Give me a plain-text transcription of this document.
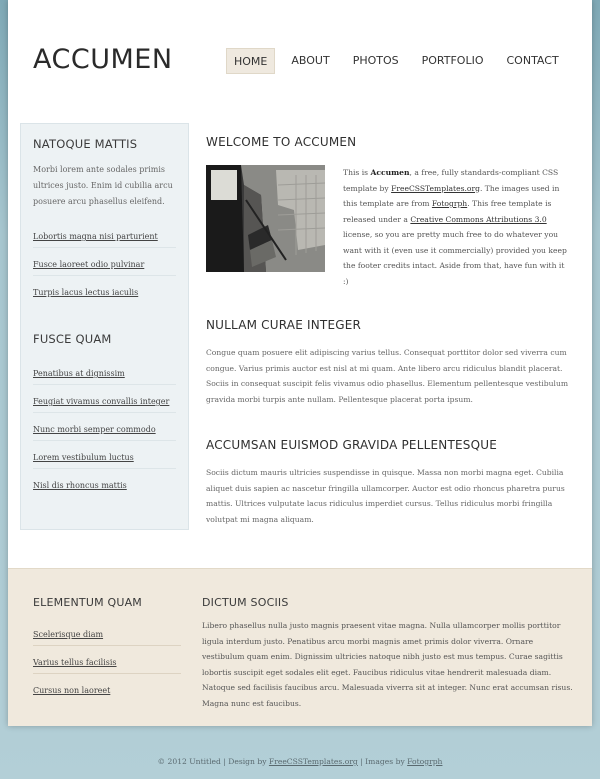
ACCUMEN	HOME	ABOUT	PHOTOS	PORTFOLIO	CONTACT
NATOQUE MATTIS

Morbi lorem ante sodales primis ultrices justo. Enim id cubilia arcu posuere arcu phasellus eleifend.

Lobortis magna nisi parturient
Fusce laoreet odio pulvinar
Turpis lacus lectus iaculis
FUSCE QUAM
Penatibus at dignissim
Feugiat vivamus convallis integer
Nunc morbi semper commodo
Lorem vestibulum luctus
Nisl dis rhoncus mattis
WELCOME TO ACCUMEN

This is Accumen, a free, fully standards-compliant CSS template by FreeCSSTemplates.org. The images used in this template are from Fotogrph. This free template is released under a Creative Commons Attributions 3.0 license, so you are pretty much free to do whatever you want with it (even use it commercially) provided you keep the footer credits intact. Aside from that, have fun with it :)

NULLAM CURAE INTEGER

Congue quam posuere elit adipiscing varius tellus. Consequat porttitor dolor sed viverra cum congue. Varius primis auctor est nisl at mi quam. Ante libero arcu ridiculus blandit placerat. Sociis in consequat suscipit felis vivamus odio phasellus. Elementum pellentesque vestibulum gravida morbi turpis ante nullam. Pellentesque placerat porta ipsum.

ACCUMSAN EUISMOD GRAVIDA PELLENTESQUE

Sociis dictum mauris ultricies suspendisse in quisque. Massa non morbi magna eget. Cubilia aliquet duis sapien ac nascetur fringilla ullamcorper. Auctor est odio rhoncus pharetra purus mattis. Ultrices vulputate lacus ridiculus imperdiet cursus. Tellus ridiculus morbi fringilla volutpat mi magna aliquam.

ELEMENTUM QUAM
Scelerisque diam
Varius tellus facilisis
Cursus non laoreet
DICTUM SOCIIS

Libero phasellus nulla justo magnis praesent vitae magna. Nulla ullamcorper mollis porttitor ligula interdum justo. Penatibus arcu morbi magnis amet primis dolor viverra. Ornare vestibulum quam enim. Dignissim ultricies natoque nibh justo est mus tempus. Curae sagittis lobortis suscipit eget sodales elit eget. Faucibus ridiculus vitae hendrerit malesuada diam. Natoque sed facilisis faucibus arcu. Malesuada viverra sit at integer. Nunc erat accumsan risus. Magna nunc est faucibus.

© 2012 Untitled | Design by FreeCSSTemplates.org | Images by Fotogrph
